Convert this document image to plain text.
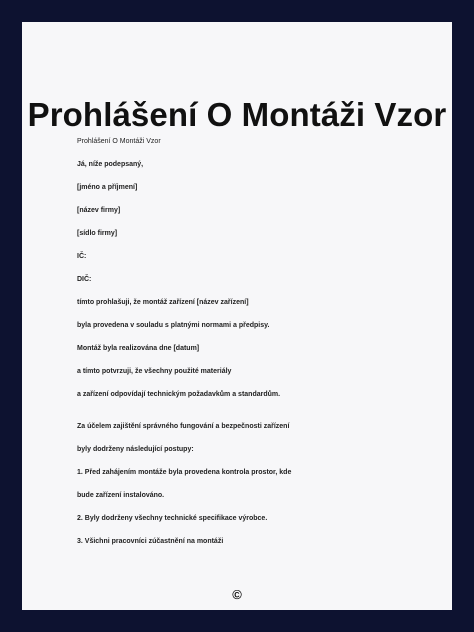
Prohlášení O Montáži Vzor
Prohlášení O Montáži Vzor
Já, níže podepsaný,
[jméno a příjmení]
[název firmy]
[sídlo firmy]
IČ:
DIČ:
tímto prohlašuji, že montáž zařízení [název zařízení]
byla provedena v souladu s platnými normami a předpisy.
Montáž byla realizována dne [datum]
a tímto potvrzuji, že všechny použité materiály
a zařízení odpovídají technickým požadavkům a standardům.
Za účelem zajištění správného fungování a bezpečnosti zařízení
byly dodrženy následující postupy:
1. Před zahájením montáže byla provedena kontrola prostor, kde
bude zařízení instalováno.
2. Byly dodrženy všechny technické specifikace výrobce.
3. Všichni pracovníci zúčastnění na montáži
©
